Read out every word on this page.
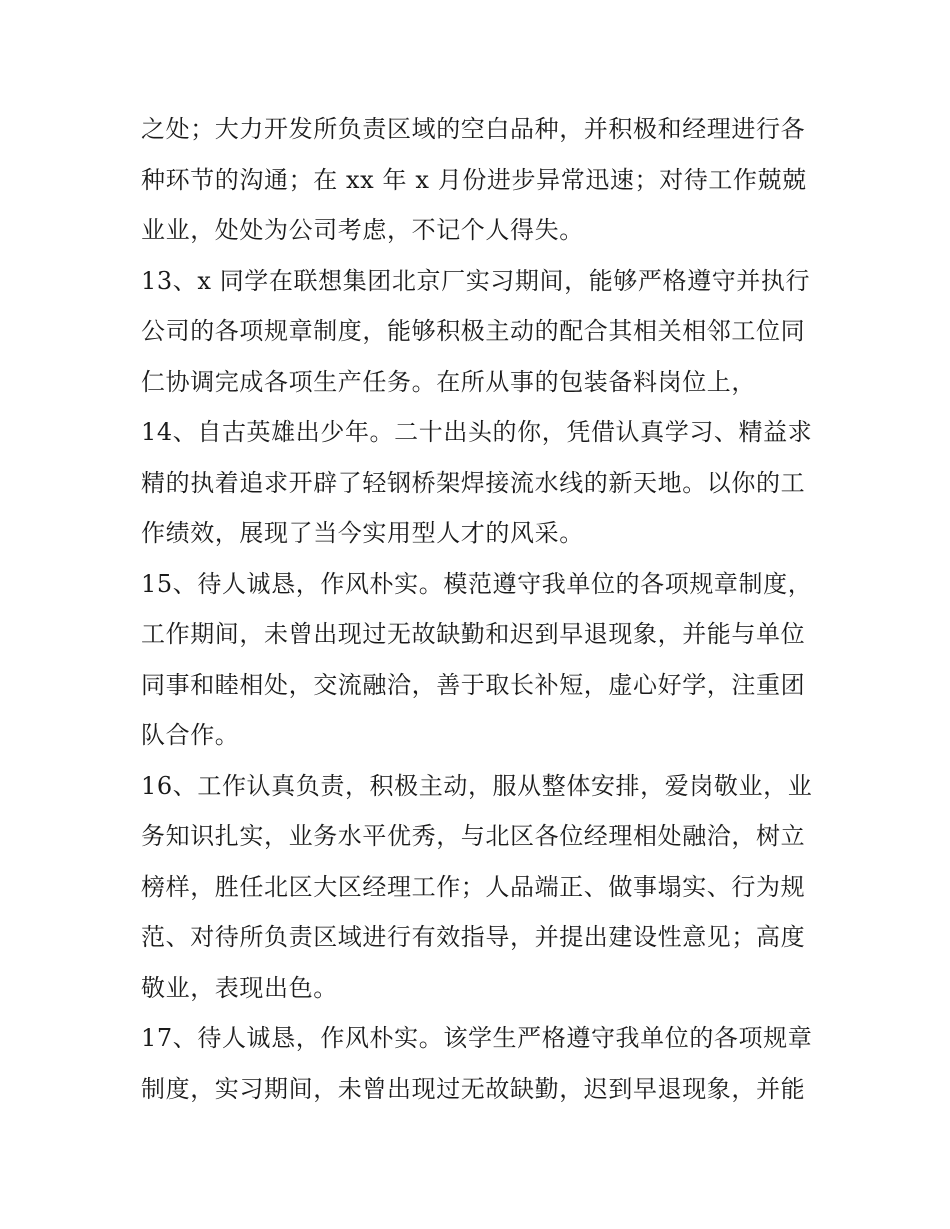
之处；大力开发所负责区域的空白品种，并积极和经理进行各
种环节的沟通；在 xx 年 x 月份进步异常迅速；对待工作兢兢
业业，处处为公司考虑，不记个人得失。
13、x 同学在联想集团北京厂实习期间，能够严格遵守并执行
公司的各项规章制度，能够积极主动的配合其相关相邻工位同
仁协调完成各项生产任务。在所从事的包装备料岗位上，
14、自古英雄出少年。二十出头的你，凭借认真学习、精益求
精的执着追求开辟了轻钢桥架焊接流水线的新天地。以你的工
作绩效，展现了当今实用型人才的风采。
15、待人诚恳，作风朴实。模范遵守我单位的各项规章制度，
工作期间，未曾出现过无故缺勤和迟到早退现象，并能与单位
同事和睦相处，交流融洽，善于取长补短，虚心好学，注重团
队合作。
16、工作认真负责，积极主动，服从整体安排，爱岗敬业，业
务知识扎实，业务水平优秀，与北区各位经理相处融洽，树立
榜样，胜任北区大区经理工作；人品端正、做事塌实、行为规
范、对待所负责区域进行有效指导，并提出建设性意见；高度
敬业，表现出色。
17、待人诚恳，作风朴实。该学生严格遵守我单位的各项规章
制度，实习期间，未曾出现过无故缺勤，迟到早退现象，并能
